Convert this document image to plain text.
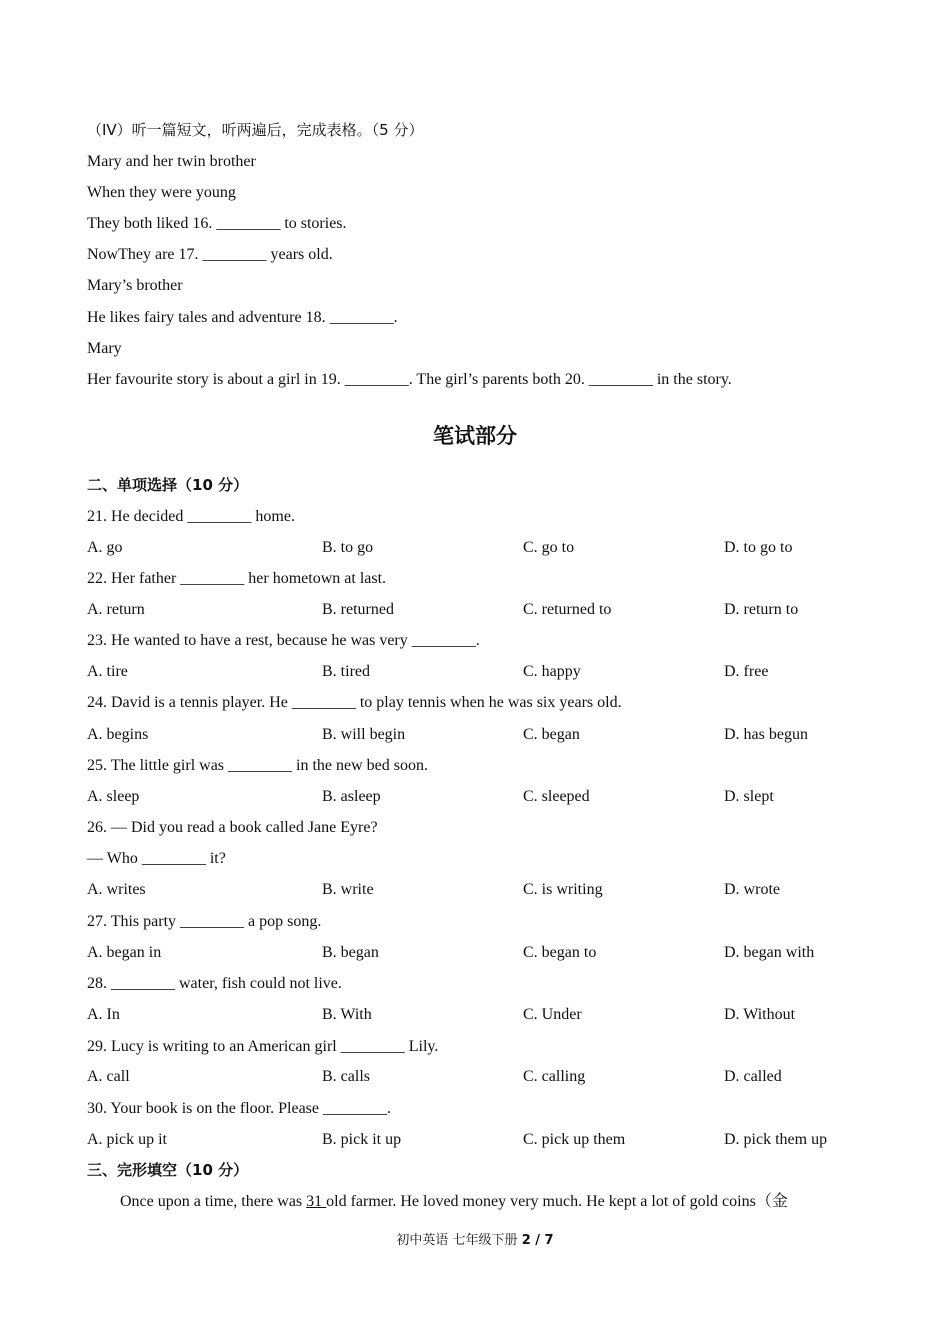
（IV）听一篇短文，听两遍后，完成表格。（5 分）
Mary and her twin brother
When they were young
They both liked 16. ________ to stories.
NowThey are 17. ________ years old.
Mary’s brother
He likes fairy tales and adventure 18. ________.
Mary
Her favourite story is about a girl in 19. ________. The girl’s parents both 20. ________ in the story.
笔试部分
二、单项选择（10 分）
21. He decided ________ home.
A. go	B. to go	C. go to	D. to go to
22. Her father ________ her hometown at last.
A. return	B. returned	C. returned to	D. return to
23. He wanted to have a rest, because he was very ________.
A. tire	B. tired	C. happy	D. free
24. David is a tennis player. He ________ to play tennis when he was six years old.
A. begins	B. will begin	C. began	D. has begun
25. The little girl was ________ in the new bed soon.
A. sleep	B. asleep	C. sleeped	D. slept
26. — Did you read a book called Jane Eyre?
— Who ________ it?
A. writes	B. write	C. is writing	D. wrote
27. This party ________ a pop song.
A. began in	B. began	C. began to	D. began with
28. ________ water, fish could not live.
A. In	B. With	C. Under	D. Without
29. Lucy is writing to an American girl ________ Lily.
A. call	B. calls	C. calling	D. called
30. Your book is on the floor. Please ________.
A. pick up it	B. pick it up	C. pick up them	D. pick them up
三、完形填空（10 分）
Once upon a time, there was 31 old farmer. He loved money very much. He kept a lot of gold coins（金
初中英语 七年级下册 2 / 7
